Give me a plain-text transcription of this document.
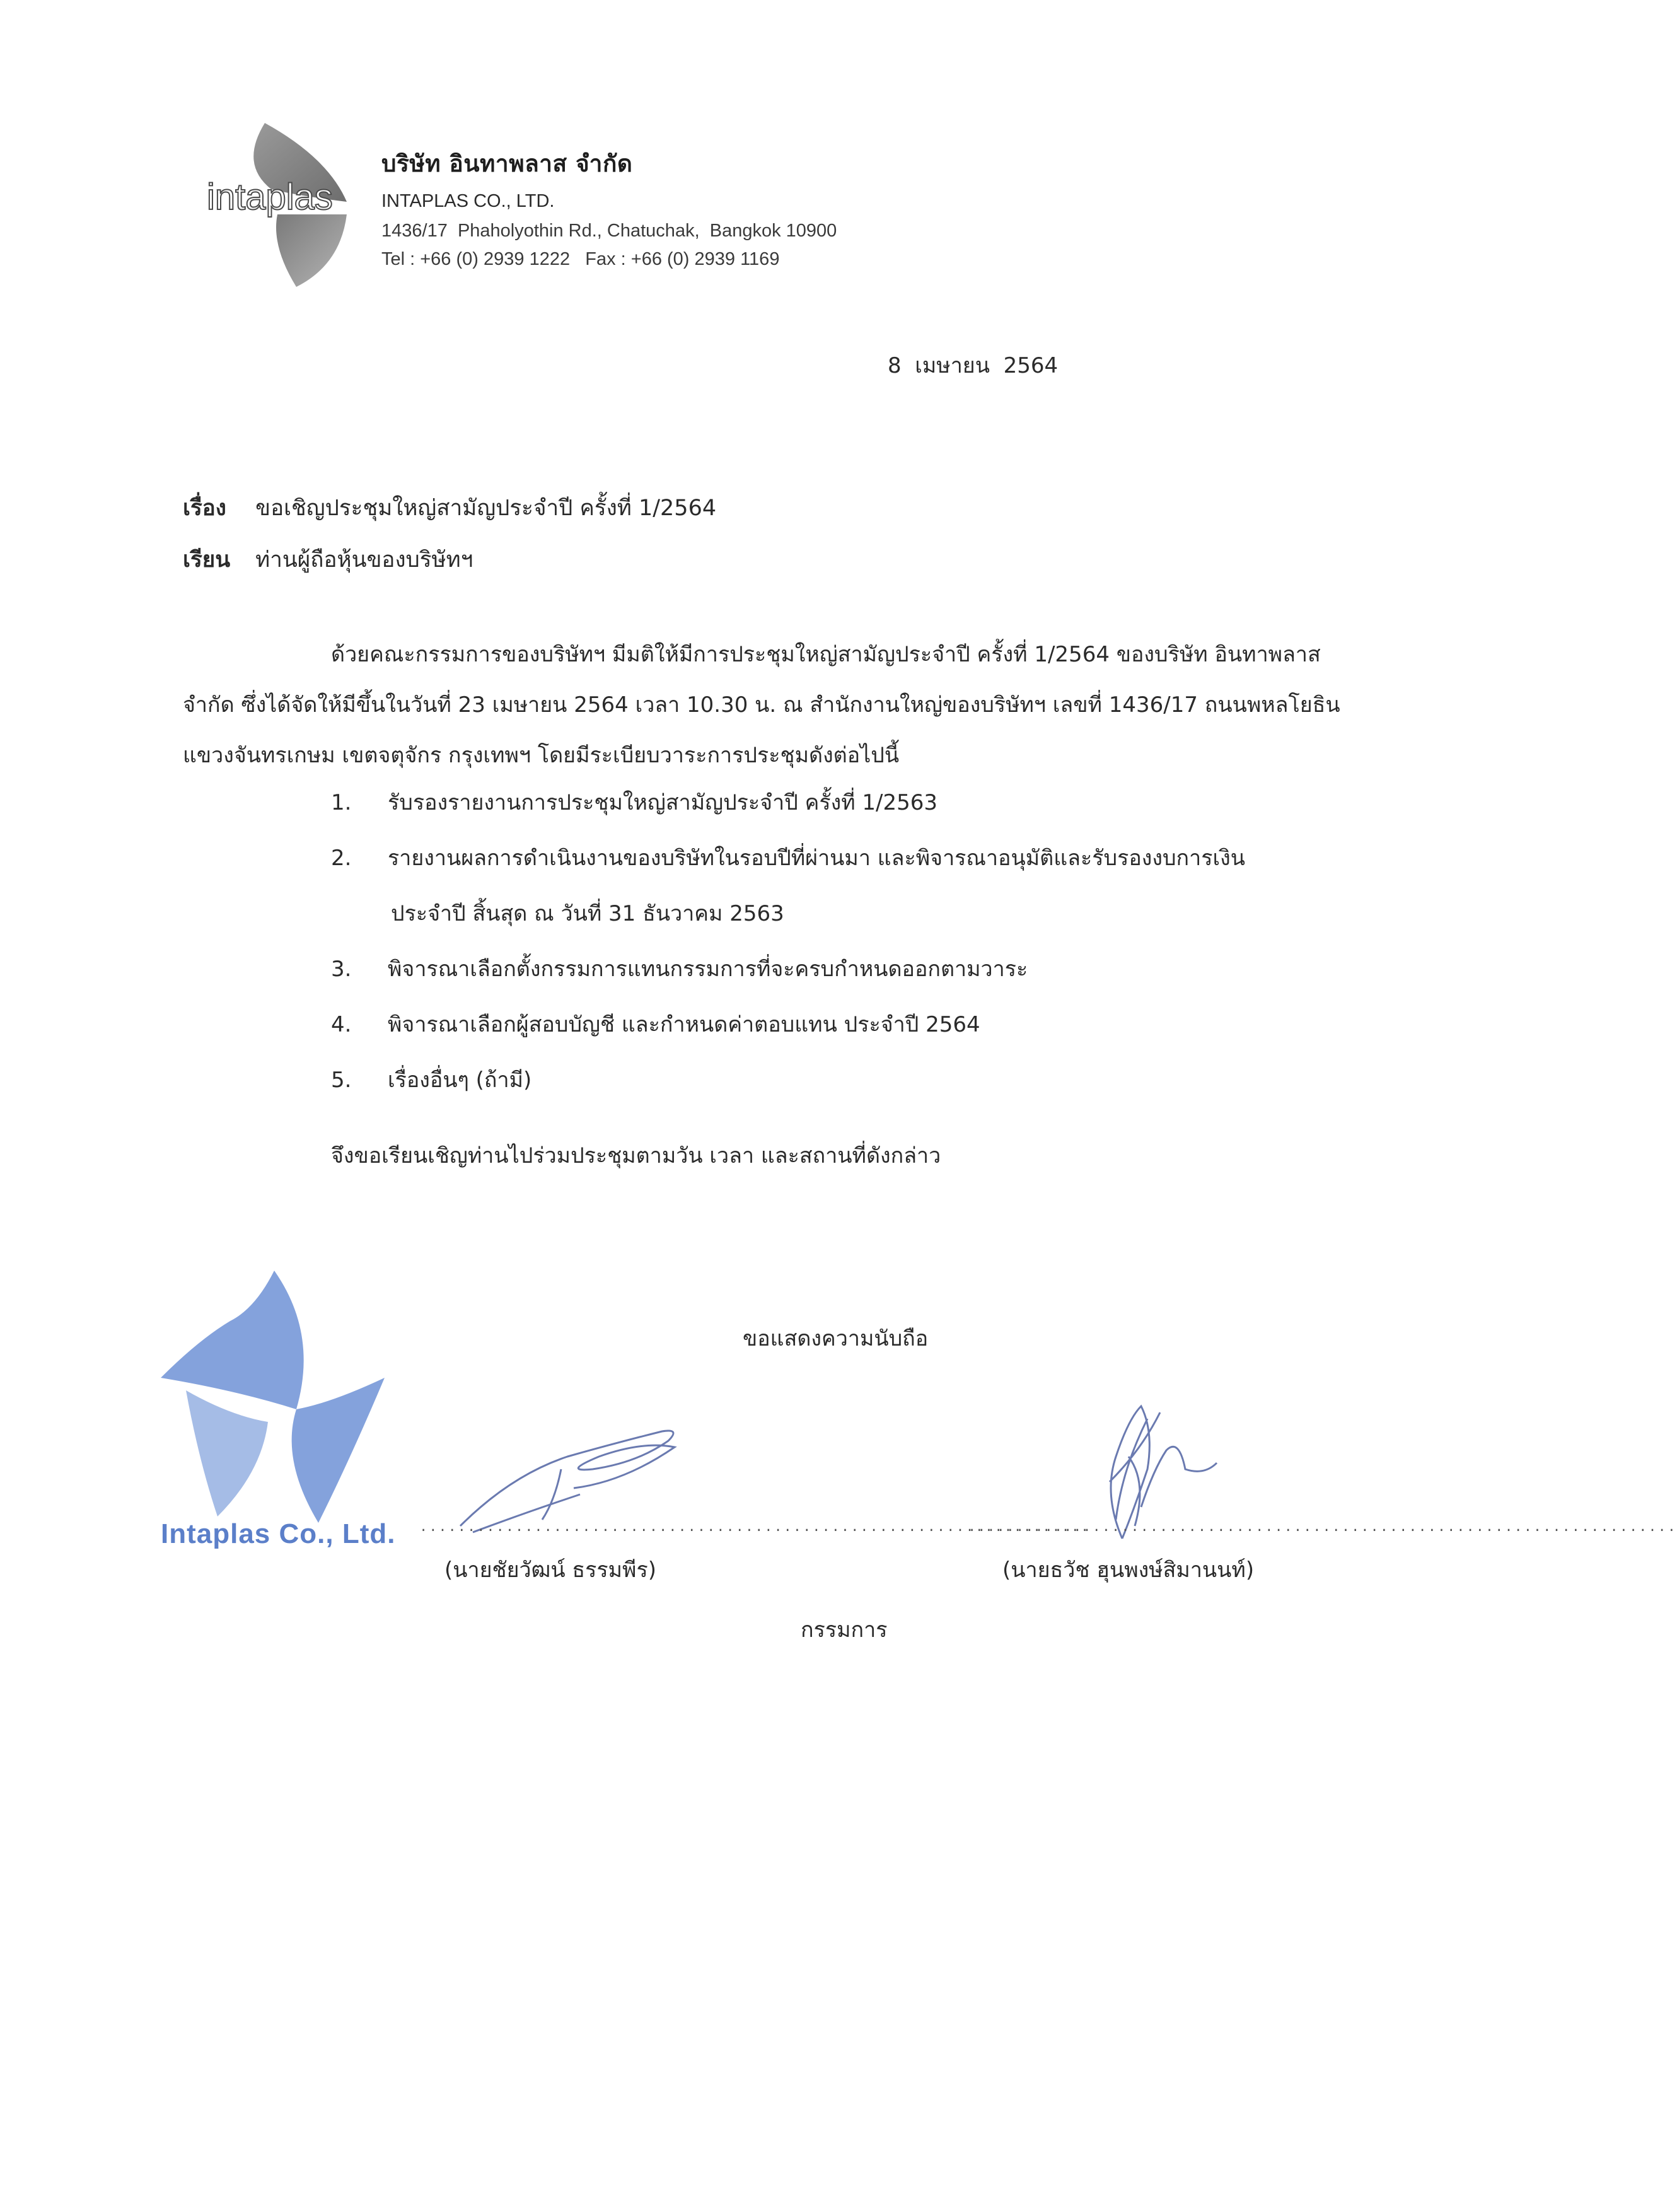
intaplas
บริษัท อินทาพลาส จำกัด
INTAPLAS CO., LTD.
1436/17  Phaholyothin Rd., Chatuchak,  Bangkok 10900
Tel : +66 (0) 2939 1222   Fax : +66 (0) 2939 1169
8  เมษายน  2564
เรื่อง ขอเชิญประชุมใหญ่สามัญประจำปี ครั้งที่ 1/2564
เรียน ท่านผู้ถือหุ้นของบริษัทฯ
ด้วยคณะกรรมการของบริษัทฯ มีมติให้มีการประชุมใหญ่สามัญประจำปี ครั้งที่ 1/2564 ของบริษัท อินทาพลาส
จำกัด ซึ่งได้จัดให้มีขึ้นในวันที่ 23 เมษายน 2564 เวลา 10.30 น. ณ สำนักงานใหญ่ของบริษัทฯ เลขที่ 1436/17 ถนนพหลโยธิน
แขวงจันทรเกษม เขตจตุจักร กรุงเทพฯ โดยมีระเบียบวาระการประชุมดังต่อไปนี้
1. รับรองรายงานการประชุมใหญ่สามัญประจำปี ครั้งที่ 1/2563
2. รายงานผลการดำเนินงานของบริษัทในรอบปีที่ผ่านมา และพิจารณาอนุมัติและรับรองงบการเงิน
ประจำปี สิ้นสุด ณ วันที่ 31 ธันวาคม 2563
3. พิจารณาเลือกตั้งกรรมการแทนกรรมการที่จะครบกำหนดออกตามวาระ
4. พิจารณาเลือกผู้สอบบัญชี และกำหนดค่าตอบแทน ประจำปี 2564
5. เรื่องอื่นๆ (ถ้ามี)
จึงขอเรียนเชิญท่านไปร่วมประชุมตามวัน เวลา และสถานที่ดังกล่าว
ขอแสดงความนับถือ
Intaplas Co., Ltd. ......................................................................
..........................................................................
(นายชัยวัฒน์ ธรรมพีร)	(นายธวัช ฮุนพงษ์สิมานนท์)
กรรมการ
